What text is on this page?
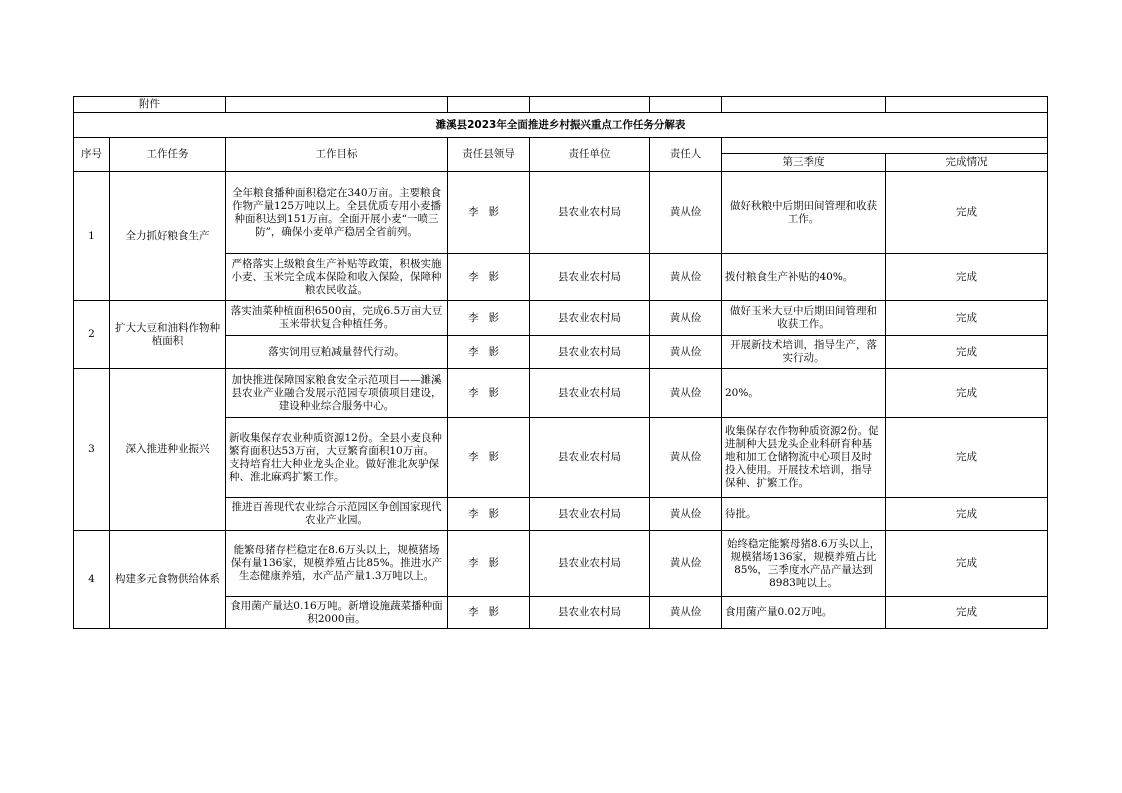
附件							
濉溪县2023年全面推进乡村振兴重点工作任务分解表							
序号	工作任务	工作目标	责任县领导	责任单位	责任人		
						第三季度	完成情况
1	全力抓好粮食生产	全年粮食播种面积稳定在340万亩。主要粮食作物产量125万吨以上。全县优质专用小麦播种面积达到151万亩。全面开展小麦“一喷三防”，确保小麦单产稳居全省前列。	李影	县农业农村局	黄从俭	做好秋粮中后期田间管理和收获工作。	完成
		严格落实上级粮食生产补贴等政策，积极实施小麦、玉米完全成本保险和收入保险，保障种粮农民收益。	李影	县农业农村局	黄从俭	拨付粮食生产补贴的40%。	完成
2	扩大大豆和油料作物种植面积	落实油菜种植面积6500亩，完成6.5万亩大豆玉米带状复合种植任务。	李影	县农业农村局	黄从俭	做好玉米大豆中后期田间管理和收获工作。	完成
		落实饲用豆粕减量替代行动。	李影	县农业农村局	黄从俭	开展新技术培训，指导生产，落实行动。	完成
3	深入推进种业振兴	加快推进保障国家粮食安全示范项目——濉溪县农业产业融合发展示范园专项债项目建设，建设种业综合服务中心。	李影	县农业农村局	黄从俭	20%。	完成
		新收集保存农业种质资源12份。全县小麦良种繁育面积达53万亩，大豆繁育面积10万亩。支持培育壮大种业龙头企业。做好淮北灰驴保种、淮北麻鸡扩繁工作。	李影	县农业农村局	黄从俭	收集保存农作物种质资源2份。促进制种大县龙头企业科研育种基地和加工仓储物流中心项目及时投入使用。开展技术培训，指导保种、扩繁工作。	完成
		推进百善现代农业综合示范园区争创国家现代农业产业园。	李影	县农业农村局	黄从俭	待批。	完成
4	构建多元食物供给体系	能繁母猪存栏稳定在8.6万头以上，规模猪场保有量136家，规模养殖占比85%。推进水产生态健康养殖，水产品产量1.3万吨以上。	李影	县农业农村局	黄从俭	始终稳定能繁母猪8.6万头以上，规模猪场136家，规模养殖占比85%，三季度水产品产量达到8983吨以上。	完成
		食用菌产量达0.16万吨。新增设施蔬菜播种面积2000亩。	李影	县农业农村局	黄从俭	食用菌产量0.02万吨。	完成
